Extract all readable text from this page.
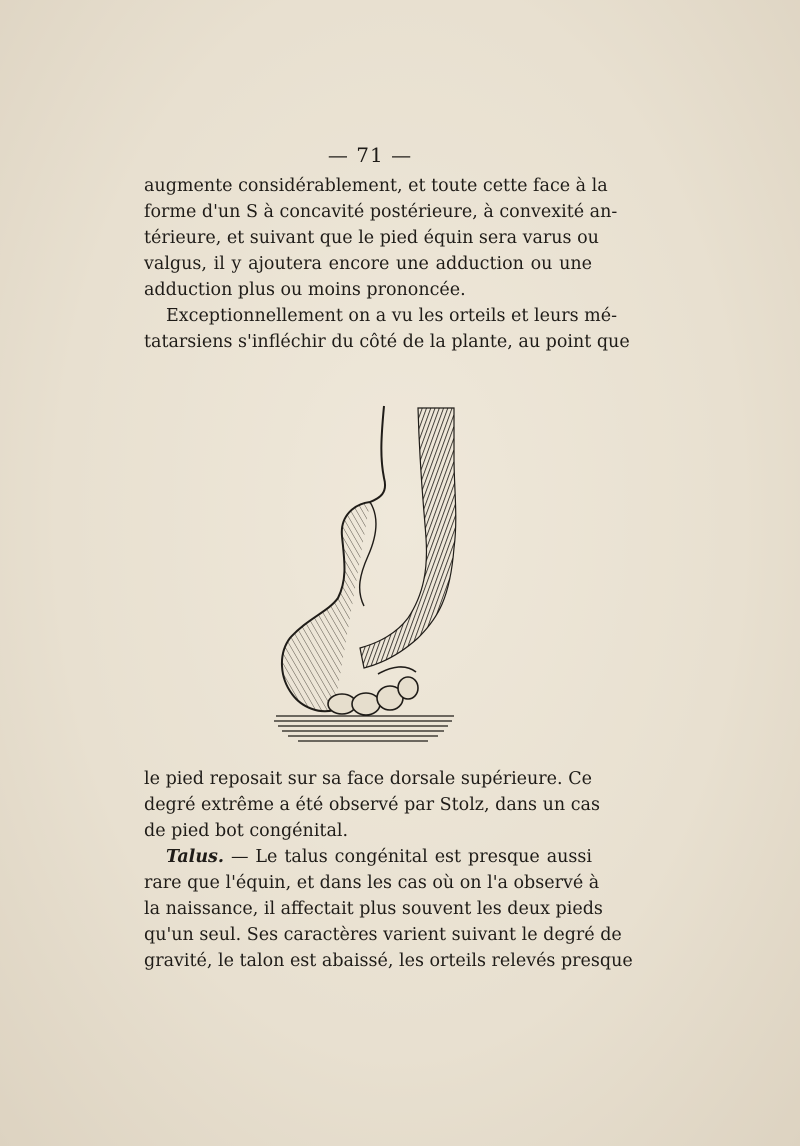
— 71 —

augmente considérablement, et toute cette face à la
forme d'un S à concavité postérieure, à convexité an-
térieure, et suivant que le pied équin sera varus ou
valgus, il y ajoutera encore une adduction ou une
adduction plus ou moins prononcée.

Exceptionnellement on a vu les orteils et leurs mé-
tatarsiens s'infléchir du côté de la plante, au point que

le pied reposait sur sa face dorsale supérieure. Ce
degré extrême a été observé par Stolz, dans un cas
de pied bot congénital.

Talus. — Le talus congénital est presque aussi
rare que l'équin, et dans les cas où on l'a observé à
la naissance, il affectait plus souvent les deux pieds
qu'un seul. Ses caractères varient suivant le degré de
gravité, le talon est abaissé, les orteils relevés presque
